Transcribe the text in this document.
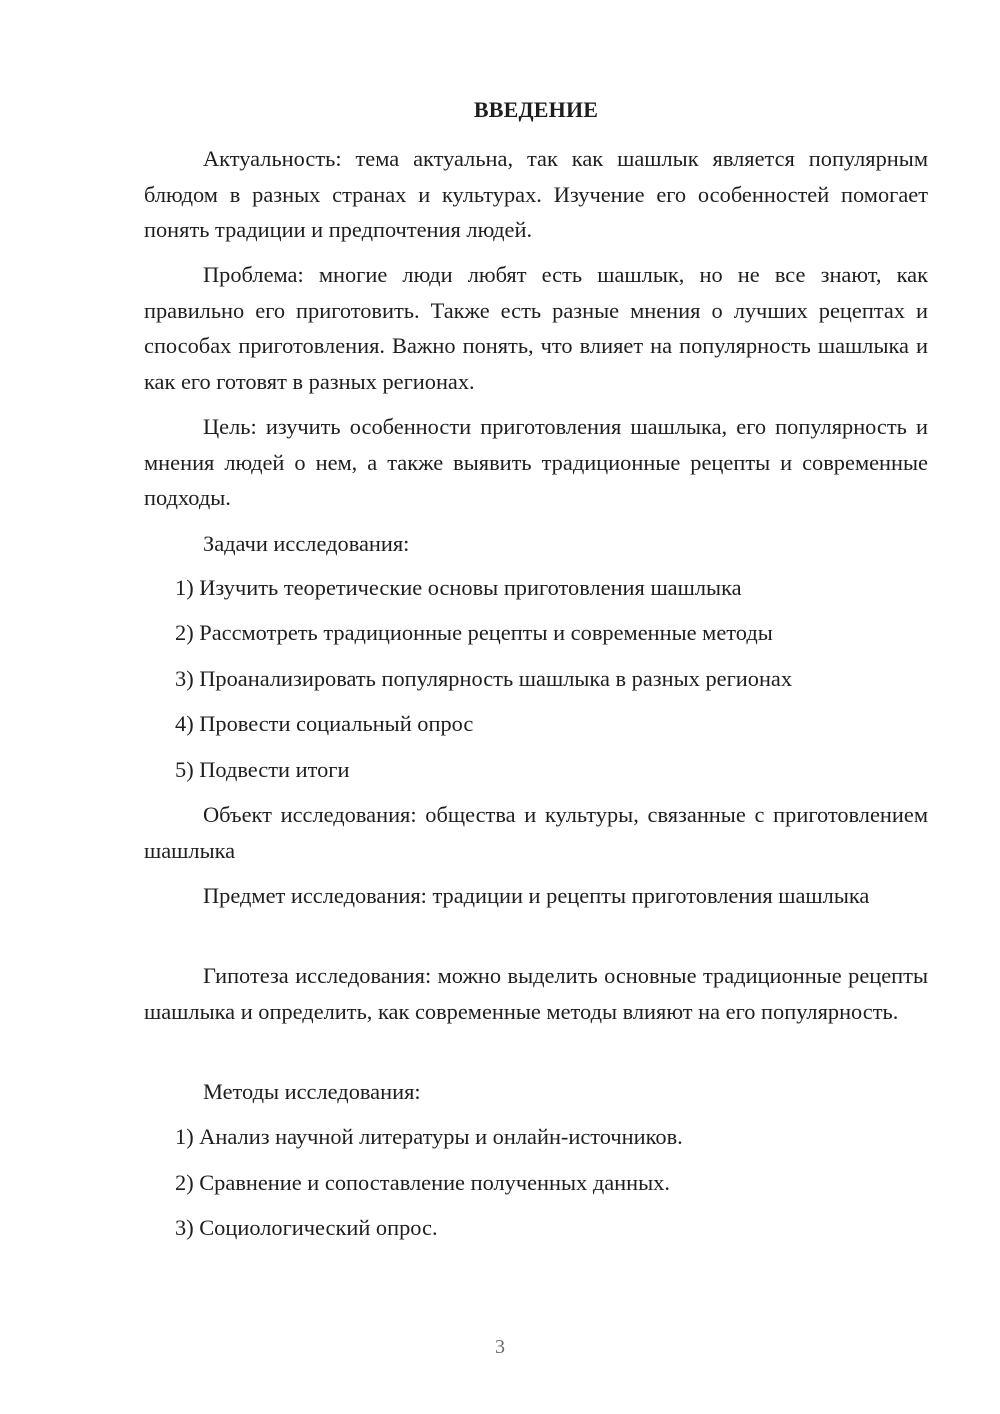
ВВЕДЕНИЕ

Актуальность: тема актуальна, так как шашлык является популярным блюдом в разных странах и культурах. Изучение его особенностей помогает понять традиции и предпочтения людей.

Проблема: многие люди любят есть шашлык, но не все знают, как правильно его приготовить. Также есть разные мнения о лучших рецептах и способах приготовления. Важно понять, что влияет на популярность шашлыка и как его готовят в разных регионах.

Цель: изучить особенности приготовления шашлыка, его популярность и мнения людей о нем, а также выявить традиционные рецепты и современные подходы.

Задачи исследования:

1) Изучить теоретические основы приготовления шашлыка

2) Рассмотреть традиционные рецепты и современные методы

3) Проанализировать популярность шашлыка в разных регионах

4) Провести социальный опрос

5) Подвести итоги

Объект исследования: общества и культуры, связанные с приготовлением шашлыка

Предмет исследования: традиции и рецепты приготовления шашлыка

Гипотеза исследования: можно выделить основные традиционные рецепты шашлыка и определить, как современные методы влияют на его популярность.

Методы исследования:

1) Анализ научной литературы и онлайн-источников.

2) Сравнение и сопоставление полученных данных.

3) Социологический опрос.

3
